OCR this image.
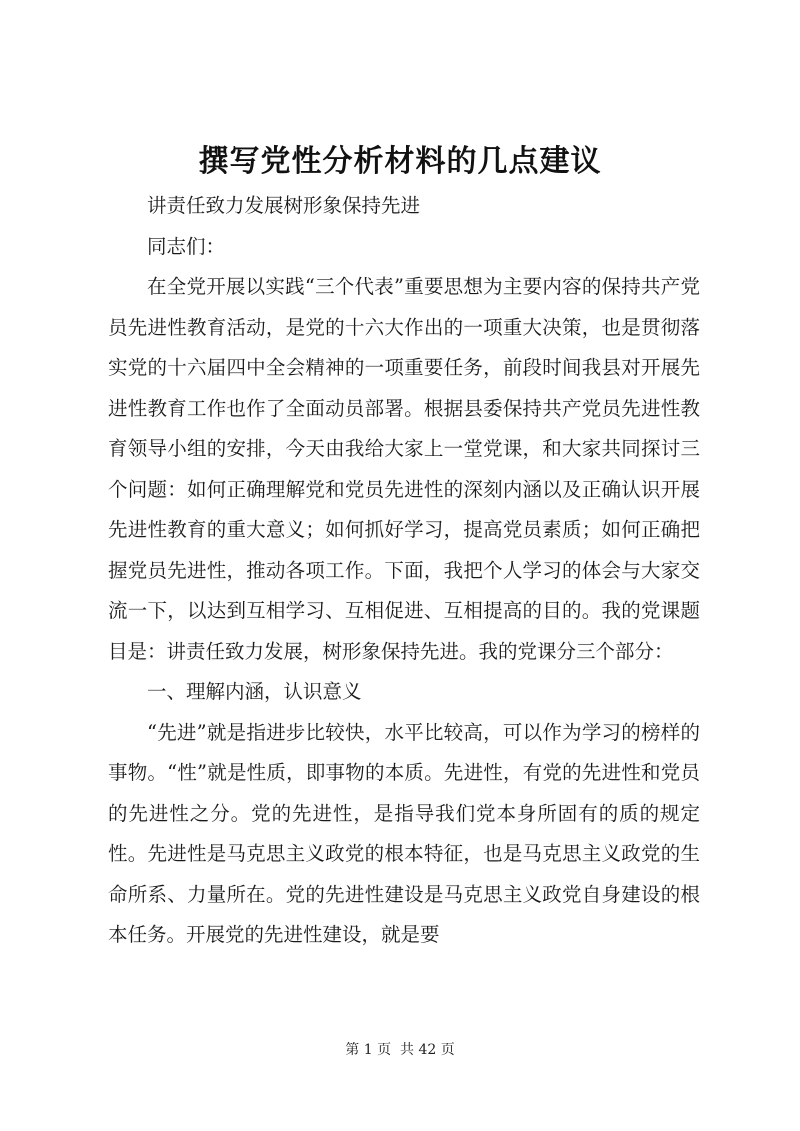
撰写党性分析材料的几点建议

讲责任致力发展树形象保持先进

同志们：

在全党开展以实践“三个代表”重要思想为主要内容的保持共产党员先进性教育活动，是党的十六大作出的一项重大决策，也是贯彻落实党的十六届四中全会精神的一项重要任务，前段时间我县对开展先进性教育工作也作了全面动员部署。根据县委保持共产党员先进性教育领导小组的安排，今天由我给大家上一堂党课，和大家共同探讨三个问题：如何正确理解党和党员先进性的深刻内涵以及正确认识开展先进性教育的重大意义；如何抓好学习，提高党员素质；如何正确把握党员先进性，推动各项工作。下面，我把个人学习的体会与大家交流一下，以达到互相学习、互相促进、互相提高的目的。我的党课题目是：讲责任致力发展，树形象保持先进。我的党课分三个部分：

一、理解内涵，认识意义

“先进”就是指进步比较快，水平比较高，可以作为学习的榜样的事物。“性”就是性质，即事物的本质。先进性，有党的先进性和党员的先进性之分。党的先进性，是指导我们党本身所固有的质的规定性。先进性是马克思主义政党的根本特征，也是马克思主义政党的生命所系、力量所在。党的先进性建设是马克思主义政党自身建设的根本任务。开展党的先进性建设，就是要

第 1 页  共 42 页
